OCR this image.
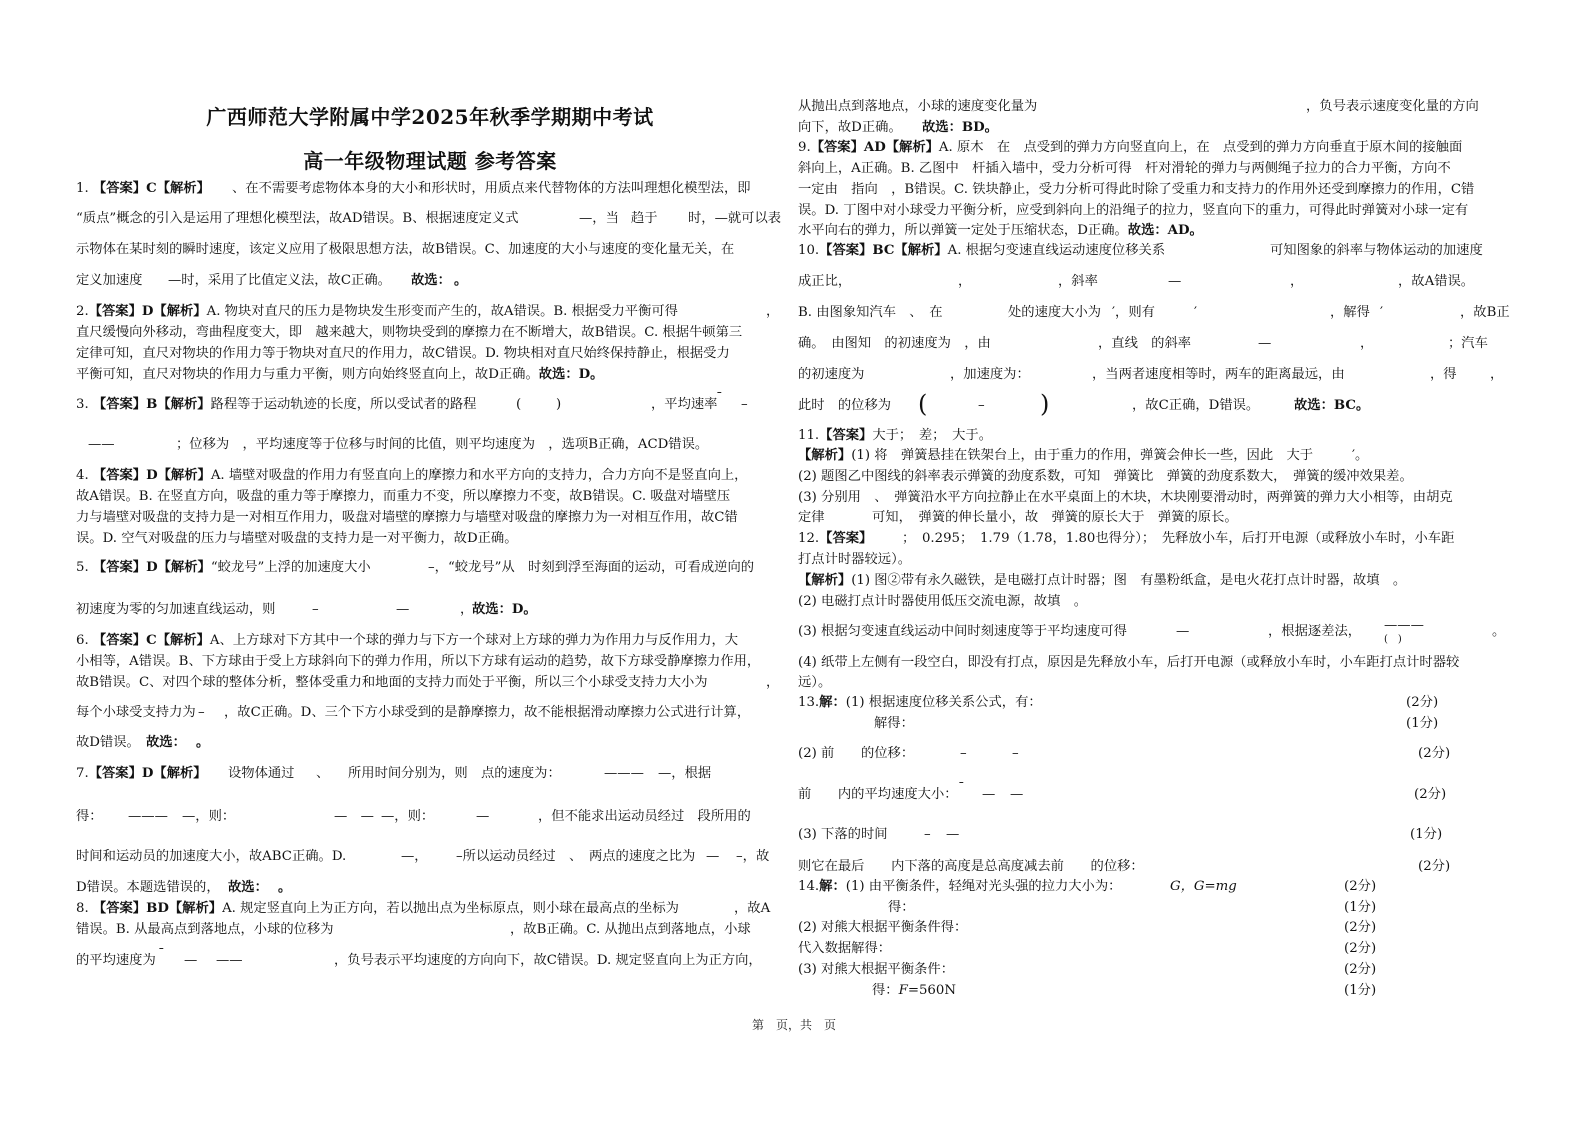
广西师范大学附属中学2025年秋季学期期中考试
高一年级物理试题 参考答案
1. 【答案】C【解析】 、在不需要考虑物体本身的大小和形状时，用质点来代替物体的方法叫理想化模型法，即
“质点”概念的引入是运用了理想化模型法，故AD错误。B、根据速度定义式	—，当 趋于 时，—就可以表
示物体在某时刻的瞬时速度，该定义应用了极限思想方法，故B错误。C、加速度的大小与速度的变化量无关，在
定义加速度 —时，采用了比值定义法，故C正确。 故选： 。
2.【答案】D【解析】A. 物块对直尺的压力是物块发生形变而产生的，故A错误。B. 根据受力平衡可得	，
直尺缓慢向外移动，弯曲程度变大，即　越来越大，则物块受到的摩擦力在不断增大，故B错误。C. 根据牛顿第三
定律可知，直尺对物块的作用力等于物块对直尺的作用力，故C错误。D. 物块相对直尺始终保持静止，根据受力
平衡可知，直尺对物块的作用力与重力平衡，则方向始终竖直向上，故D正确。故选：D。
3. 【答案】B【解析】路程等于运动轨迹的长度，所以受试者的路程	(	)	，平均速率
¯ –
——	；位移为　，平均速度等于位移与时间的比值，则平均速度为　，选项B正确，ACD错误。
4. 【答案】D【解析】A. 墙壁对吸盘的作用力有竖直向上的摩擦力和水平方向的支持力，合力方向不是竖直向上，
故A错误。B. 在竖直方向，吸盘的重力等于摩擦力，而重力不变，所以摩擦力不变，故B错误。C. 吸盘对墙壁压
力与墙壁对吸盘的支持力是一对相互作用力，吸盘对墙壁的摩擦力与墙壁对吸盘的摩擦力为一对相互作用，故C错
误。D. 空气对吸盘的压力与墙壁对吸盘的支持力是一对平衡力，故D正确。
5. 【答案】D【解析】“蛟龙号”上浮的加速度大小	–，“蛟龙号”从　时刻到浮至海面的运动，可看成逆向的
初速度为零的匀加速直线运动，则	–	—	，
故选：D。
6. 【答案】C【解析】A、上方球对下方其中一个球的弹力与下方一个球对上方球的弹力为作用力与反作用力，大
小相等，A错误。B、下方球由于受上方球斜向下的弹力作用，所以下方球有运动的趋势，故下方球受静摩擦力作用，
故B错误。C、对四个球的整体分析，整体受重力和地面的支持力而处于平衡，所以三个小球受支持力大小为	，
每个小球受支持力为 – ，故C正确。D、三个下方小球受到的是静摩擦力，故不能根据滑动摩擦力公式进行计算，
故D错误。 故选： 。
7.【答案】D【解析】 设物体通过 、 所用时间分别为，则　点的速度为：	——— —，根据
得： ——— —，则：	—　— —，则：	—	，但不能求出运动员经过　段所用的
时间和运动员的加速度大小，故ABC正确。D.	—， –所以运动员经过　、　两点的速度之比为 — –，故
D错误。本题选错误的， 故选： 。
8. 【答案】BD【解析】A. 规定竖直向上为正方向，若以抛出点为坐标原点，则小球在最高点的坐标为	，故A
错误。B. 从最高点到落地点，小球的位移为	，故B正确。C. 从抛出点到落地点，小球
的平均速度为 ¯ — ——	，负号表示平均速度的方向向下，故C错误。D. 规定竖直向上为正方向，
从抛出点到落地点，小球的速度变化量为	，负号表示速度变化量的方向
向下，故D正确。 故选：BD。
9.【答案】AD【解析】A. 原木　在　点受到的弹力方向竖直向上，在　点受到的弹力方向垂直于原木间的接触面
斜向上，A正确。B. 乙图中　杆插入墙中，受力分析可得　杆对滑轮的弹力与两侧绳子拉力的合力平衡，方向不
一定由　指向　，B错误。C. 铁块静止，受力分析可得此时除了受重力和支持力的作用外还受到摩擦力的作用，C错
误。D. 丁图中对小球受力平衡分析，应受到斜向上的沿绳子的拉力，竖直向下的重力，可得此时弹簧对小球一定有
水平向右的弹力，所以弹簧一定处于压缩状态，D正确。故选：AD。
10.【答案】BC【解析】A. 根据匀变速直线运动速度位移关系	可知图象的斜率与物体运动的加速度
成正比，	，	，斜率	—	，	，故A错误。
B. 由图象知汽车　、　在	处的速度大小为 ′，则有	′	，解得 ′	，故B正
确。　由图知　的初速度为　，由	，直线　的斜率	—	，	；汽车
的初速度为	，加速度为：	，当两者速度相等时，两车的距离最远，由	，得	，
此时　的位移为 (	– )	，故C正确，D错误。	故选：BC。
11.【答案】大于；　差；　大于。
【解析】(1) 将　弹簧悬挂在铁架台上，由于重力的作用，弹簧会伸长一些，因此　大于	′。
(2) 题图乙中图线的斜率表示弹簧的劲度系数，可知　弹簧比　弹簧的劲度系数大，　弹簧的缓冲效果差。
(3) 分别用　、　弹簧沿水平方向拉静止在水平桌面上的木块，木块刚要滑动时，两弹簧的弹力大小相等，由胡克
定律	可知，　弹簧的伸长量小，故　弹簧的原长大于　弹簧的原长。
12.【答案】 ；　0.295；　1.79（1.78，1.80也得分）；　先释放小车，后打开电源（或释放小车时，小车距
打点计时器较远）。
【解析】(1) 图②带有永久磁铁，是电磁打点计时器；图　有墨粉纸盒，是电火花打点计时器，故填　。
(2) 电磁打点计时器使用低压交流电源，故填　。
(3) 根据匀变速直线运动中间时刻速度等于平均速度可得	—	，根据逐差法， ———
(　)
。
(4) 纸带上左侧有一段空白，即没有打点，原因是先释放小车，后打开电源（或释放小车时，小车距打点计时器较
远）。
13.解：(1) 根据速度位移关系公式，有：	(2分)
解得：	(1分)
(2) 前　　的位移：	–	–	(2分)
前　　内的平均速度大小： ¯ — —	(2分)
(3) 下落的时间	– —	(1分)
则它在最后　　内下落的高度是总高度减去前　　的位移：	(2分)
14.解：(1) 由平衡条件，轻绳对光头强的拉力大小为：	G，G=mg	(2分)
得：	(1分)
(2) 对熊大根据平衡条件得：	(2分)
代入数据解得：	(2分)
(3) 对熊大根据平衡条件：	(2分)
得：F=560N	(1分)
第　页，共　页
